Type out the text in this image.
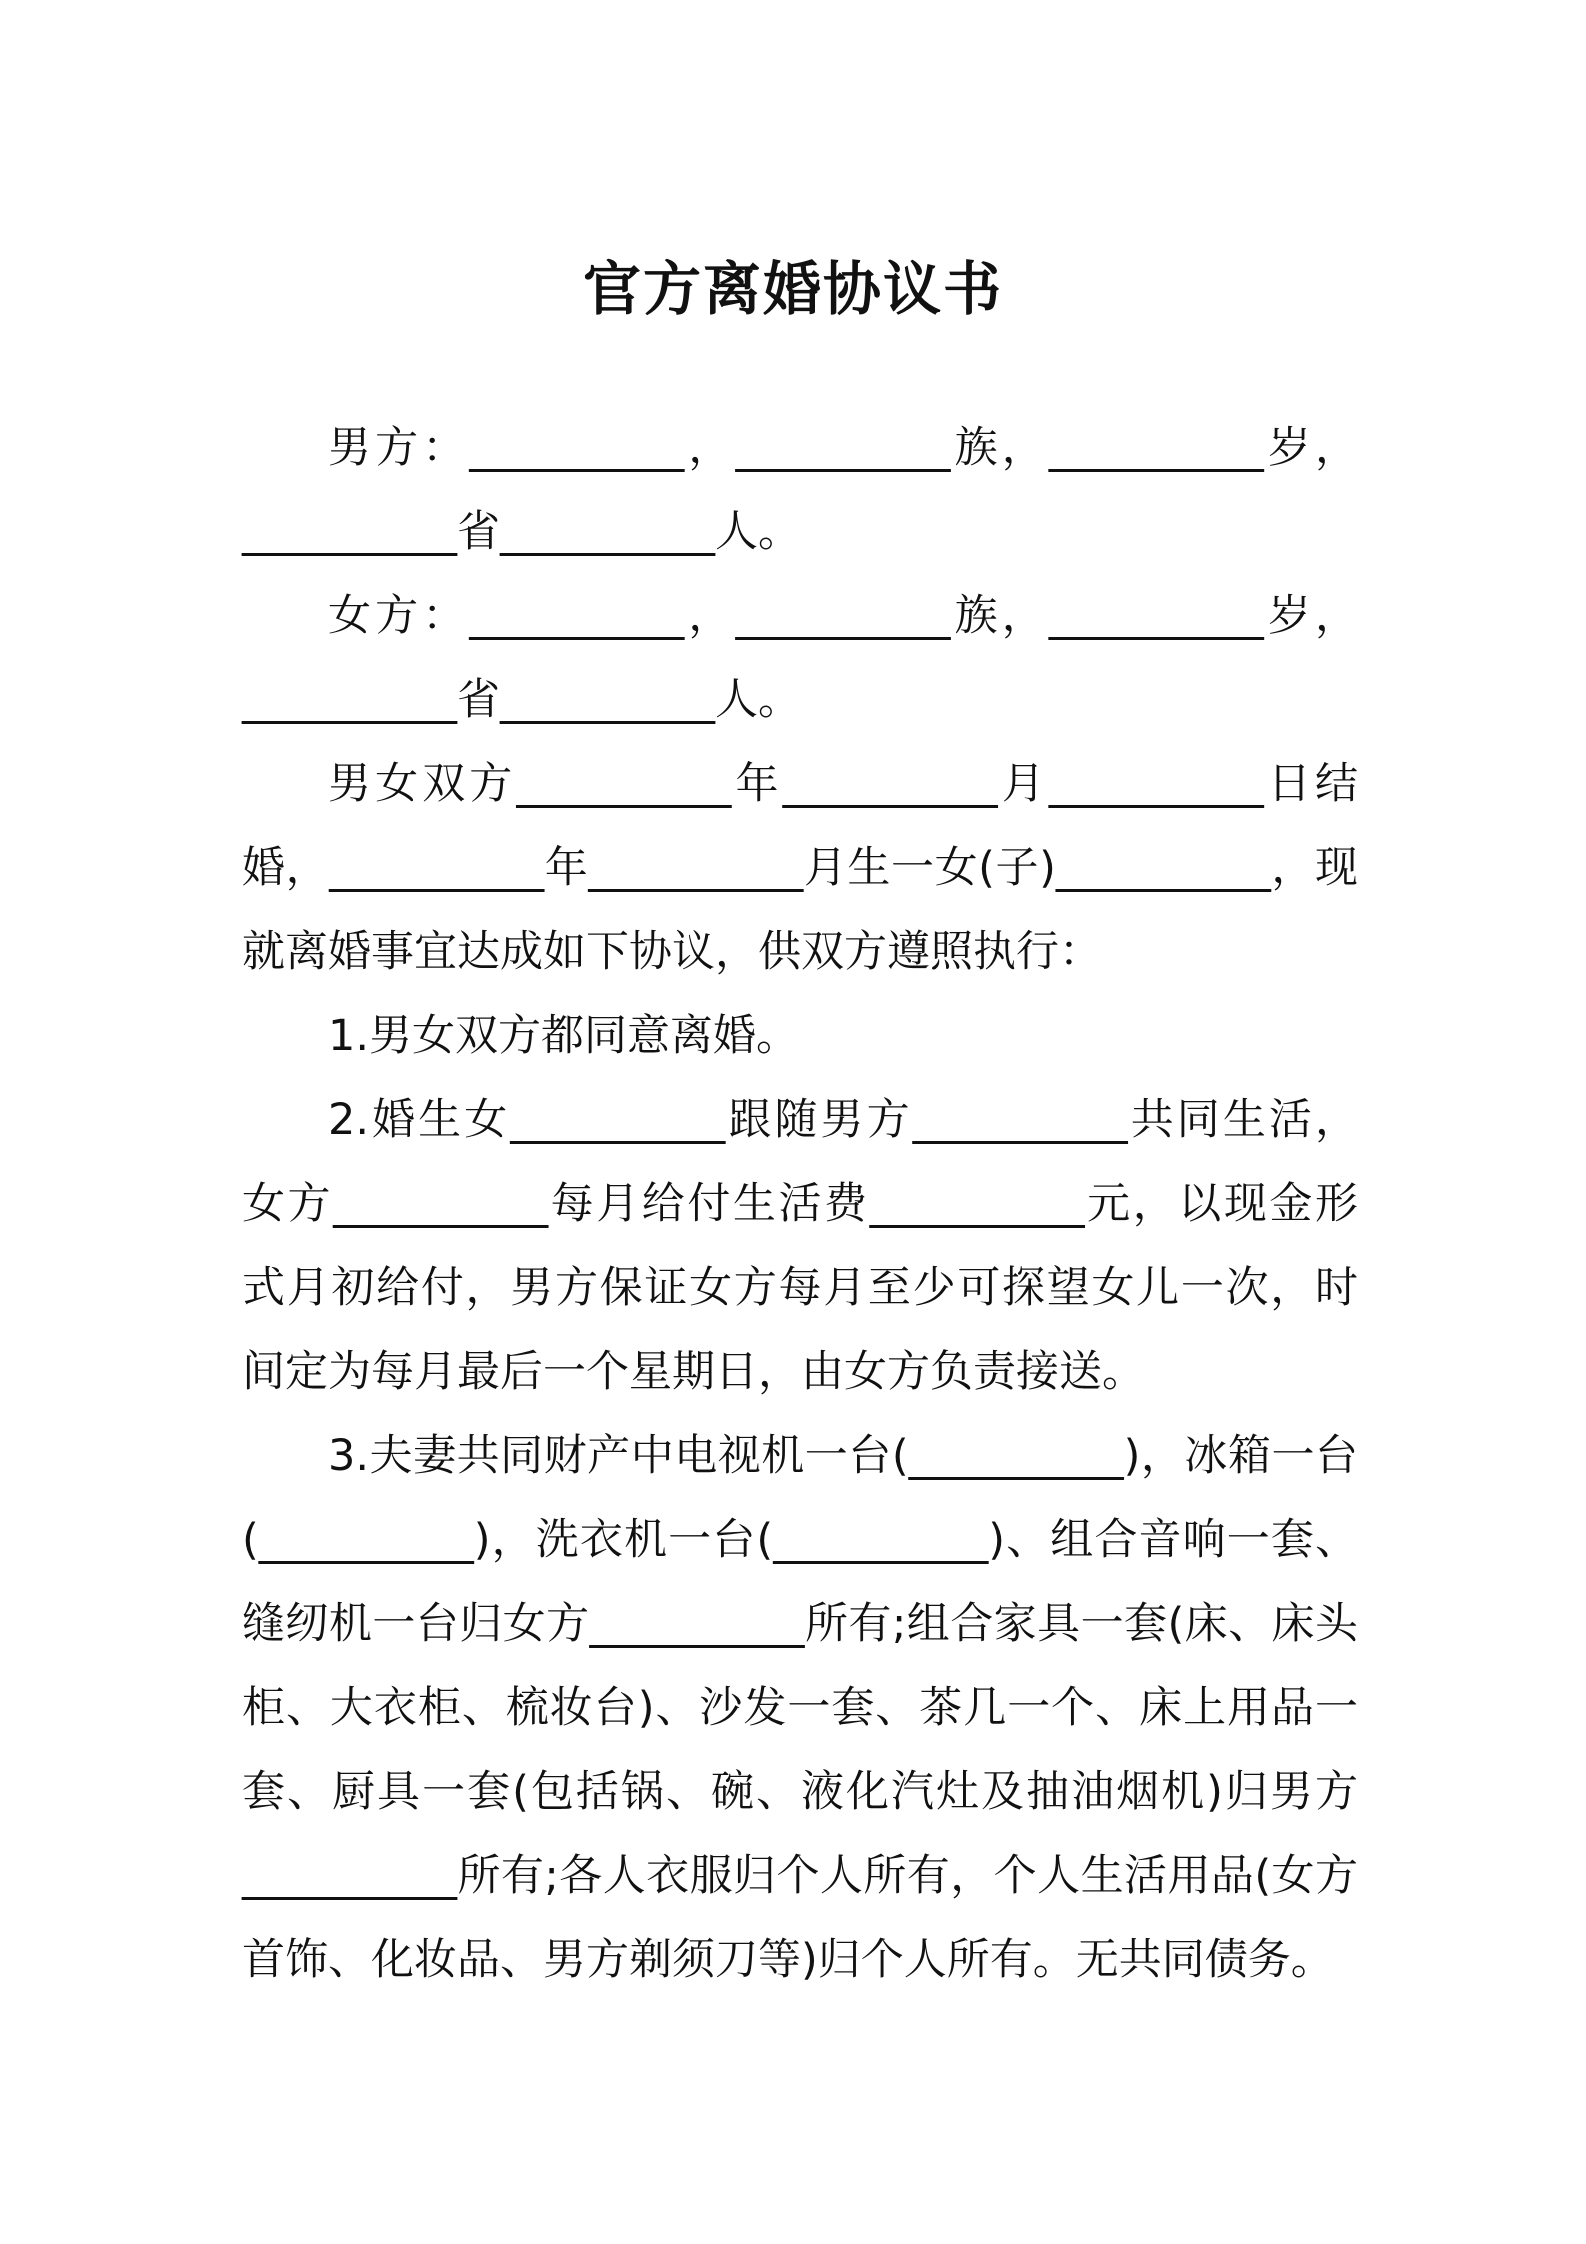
官方离婚协议书

男方：__________，__________族，__________岁，__________省__________人。

女方：__________，__________族，__________岁，__________省__________人。

男女双方__________年__________月__________日结婚，__________年__________月生一女(子)__________，现就离婚事宜达成如下协议，供双方遵照执行：

1.男女双方都同意离婚。

2.婚生女__________跟随男方__________共同生活，女方__________每月给付生活费__________元，以现金形式月初给付，男方保证女方每月至少可探望女儿一次，时间定为每月最后一个星期日，由女方负责接送。

3.夫妻共同财产中电视机一台(__________)，冰箱一台(__________)，洗衣机一台(__________)、组合音响一套、缝纫机一台归女方__________所有;组合家具一套(床、床头柜、大衣柜、梳妆台)、沙发一套、茶几一个、床上用品一套、厨具一套(包括锅、碗、液化汽灶及抽油烟机)归男方__________所有;各人衣服归个人所有，个人生活用品(女方首饰、化妆品、男方剃须刀等)归个人所有。无共同债务。
